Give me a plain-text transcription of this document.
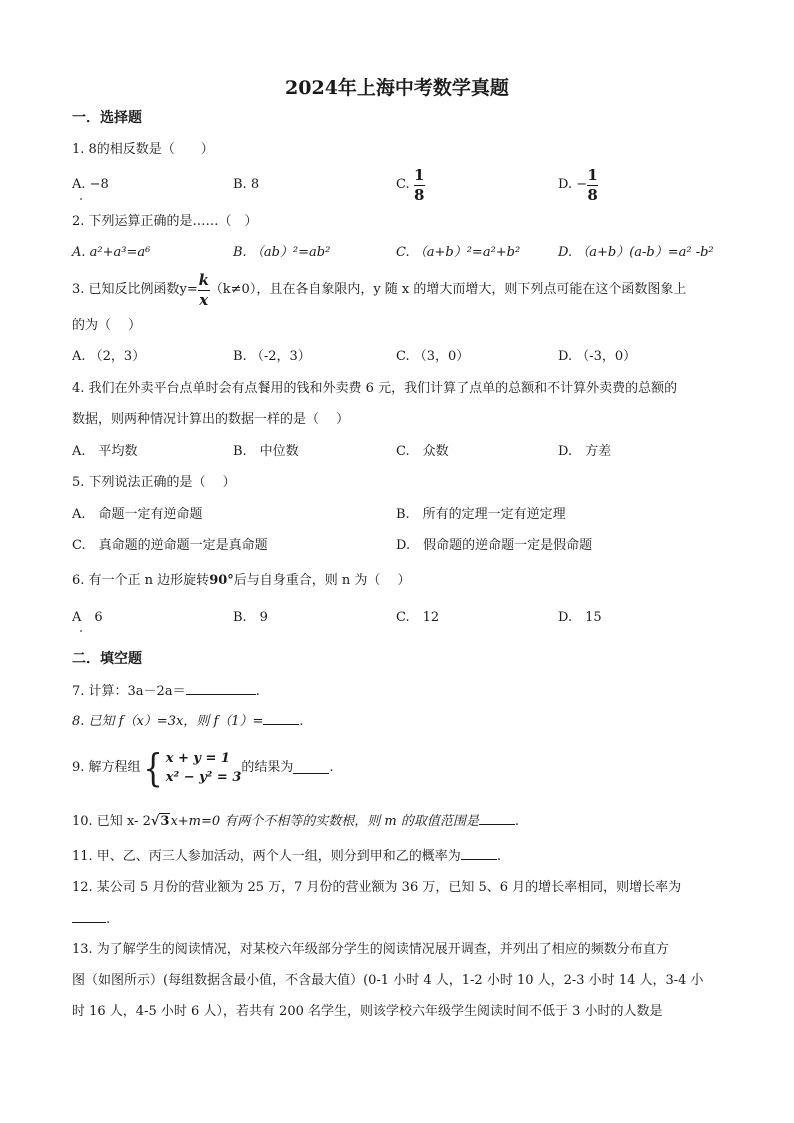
2024年上海中考数学真题
一．选择题
1. 8的相反数是（　　）
A. −8	B. 8	C.
$\frac{1}{8}$	D. − $\frac{1}{8}$
2. 下列运算正确的是……（　）
A. a²+a³=a⁶	B. （ab）²=ab²	C. （a+b）²=a²+b²	D. （a+b）(a-b）=a² -b²
3. 已知反比例函数$y= \frac{k}{x} (k\ne 0)$，且在各自象限内，y 随 x 的增大而增大，则下列点可能在这个函数图象上
的为（　 ）
A. （2，3）	B. （-2，3）	C. （3，0）	D. （-3，0）
4. 我们在外卖平台点单时会有点餐用的钱和外卖费 6 元，我们计算了点单的总额和不计算外卖费的总额的
数据，则两种情况计算出的数据一样的是（　 ）
A.　平均数	B.　中位数	C.　众数	D.　方差
5. 下列说法正确的是（　 ）
A.　命题一定有逆命题	B.　所有的定理一定有逆定理
C.　真命题的逆命题一定是真命题	D.　假命题的逆命题一定是假命题
6. 有一个正 n 边形旋转90°后与自身重合，则 n 为（　 ）
A　6	B.　9	C.　12	D.　15
二．填空题
7. 计算：3a－2a＝	.
8. 已知 f（x）=3x，则 f（1）=	.
9. 解方程组 { x + y = 1
x² − y² = 3
的结果为	.
10. 已知 x- 2√3x+m=0 有两个不相等的实数根，则 m 的取值范围是	.
11. 甲、乙、丙三人参加活动，两个人一组，则分到甲和乙的概率为	.
12. 某公司 5 月份的营业额为 25 万，7 月份的营业额为 36 万，已知 5、6 月的增长率相同，则增长率为
.
13. 为了解学生的阅读情况，对某校六年级部分学生的阅读情况展开调查，并列出了相应的频数分布直方
图（如图所示）(每组数据含最小值，不含最大值）(0-1 小时 4 人，1-2 小时 10 人，2-3 小时 14 人，3-4 小
时 16 人，4-5 小时 6 人），若共有 200 名学生，则该学校六年级学生阅读时间不低于 3 小时的人数是
